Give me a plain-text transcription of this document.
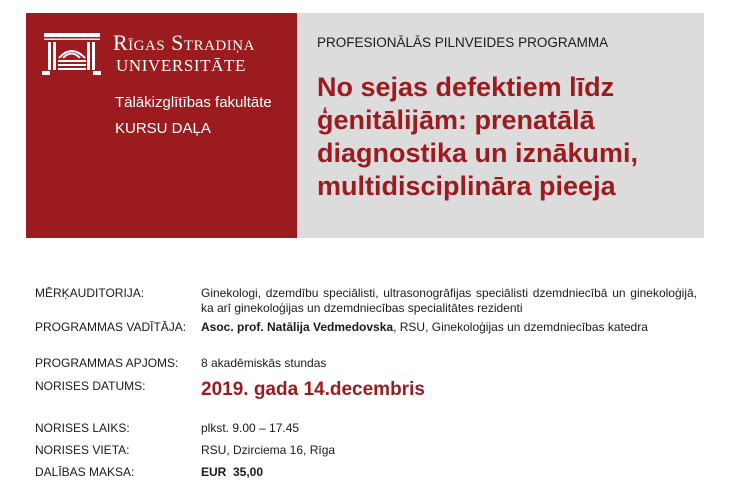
Rīgas Stradiņa
UNIVERSITĀTE
Tālākizglītības fakultāte
KURSU DAĻA
PROFESIONĀLĀS PILNVEIDES PROGRAMMA
No sejas defektiem līdz
ģenitālijām: prenatālā
diagnostika un iznākumi,
multidisciplināra pieeja
MĒRĶAUDITORIJA:	Ginekologi, dzemdību speciālisti, ultrasonogrāfijas speciālisti dzemdniecībā un ginekoloģijā, ka arī ginekoloģijas un dzemdniecības specialitātes rezidenti
PROGRAMMAS VADĪTĀJA:	Asoc. prof. Natālija Vedmedovska, RSU, Ginekoloģijas un dzemdniecības katedra
PROGRAMMAS APJOMS:	8 akadēmiskās stundas
NORISES DATUMS:	2019. gada 14.decembris
NORISES LAIKS:	plkst. 9.00 – 17.45
NORISES VIETA:	RSU, Dzirciema 16, Rīga
DALĪBAS MAKSA:	EUR  35,00
